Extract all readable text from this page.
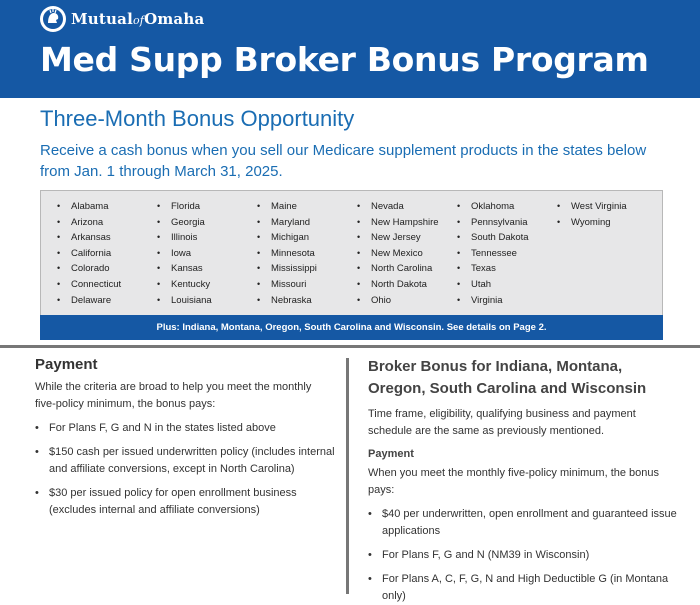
MutualofOmaha
Med Supp Broker Bonus Program
Three-Month Bonus Opportunity
Receive a cash bonus when you sell our Medicare supplement products in the states below from Jan. 1 through March 31, 2025.
• Alabama
• Arizona
• Arkansas
• California
• Colorado
• Connecticut
• Delaware
• Florida
• Georgia
• Illinois
• Iowa
• Kansas
• Kentucky
• Louisiana
• Maine
• Maryland
• Michigan
• Minnesota
• Mississippi
• Missouri
• Nebraska
• Nevada
• New Hampshire
• New Jersey
• New Mexico
• North Carolina
• North Dakota
• Ohio
• Oklahoma
• Pennsylvania
• South Dakota
• Tennessee
• Texas
• Utah
• Virginia
• West Virginia
• Wyoming
Plus: Indiana, Montana, Oregon, South Carolina and Wisconsin. See details on Page 2.
Payment
While the criteria are broad to help you meet the monthly five-policy minimum, the bonus pays:
• For Plans F, G and N in the states listed above
• $150 cash per issued underwritten policy (includes internal and affiliate conversions, except in North Carolina)
• $30 per issued policy for open enrollment business (excludes internal and affiliate conversions)
Broker Bonus for Indiana, Montana, Oregon, South Carolina and Wisconsin
Time frame, eligibility, qualifying business and payment schedule are the same as previously mentioned.
Payment
When you meet the monthly five-policy minimum, the bonus pays:
• $40 per underwritten, open enrollment and guaranteed issue applications
• For Plans F, G and N (NM39 in Wisconsin)
• For Plans A, C, F, G, N and High Deductible G (in Montana only)
